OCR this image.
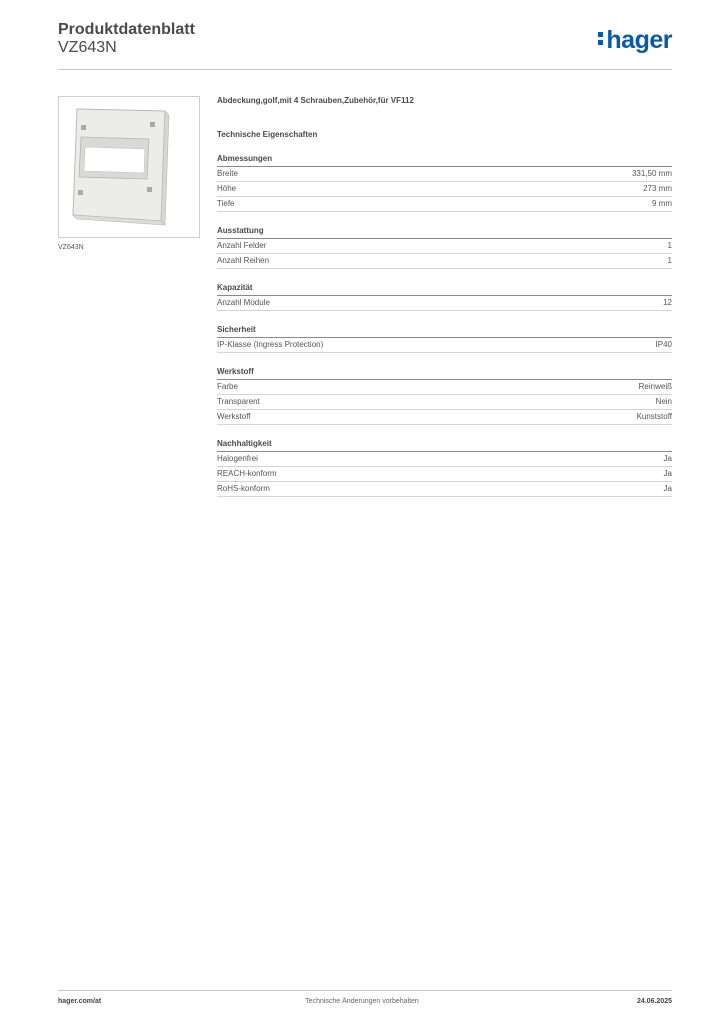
Produktdatenblatt
VZ643N	hager
VZ643N
Abdeckung,golf,mit 4 Schrauben,Zubehör,für VF112
Technische Eigenschaften
Abmessungen
Breite	331,50 mm
Höhe	273 mm
Tiefe	9 mm
Ausstattung
Anzahl Felder	1
Anzahl Reihen	1
Kapazität
Anzahl Module	12
Sicherheit
IP-Klasse (Ingress Protection)	IP40
Werkstoff
Farbe	Reinweiß
Transparent	Nein
Werkstoff	Kunststoff
Nachhaltigkeit
Halogenfrei	Ja
REACH-konform	Ja
RoHS-konform	Ja
hager.com/at	Technische Änderungen vorbehalten	24.06.2025
